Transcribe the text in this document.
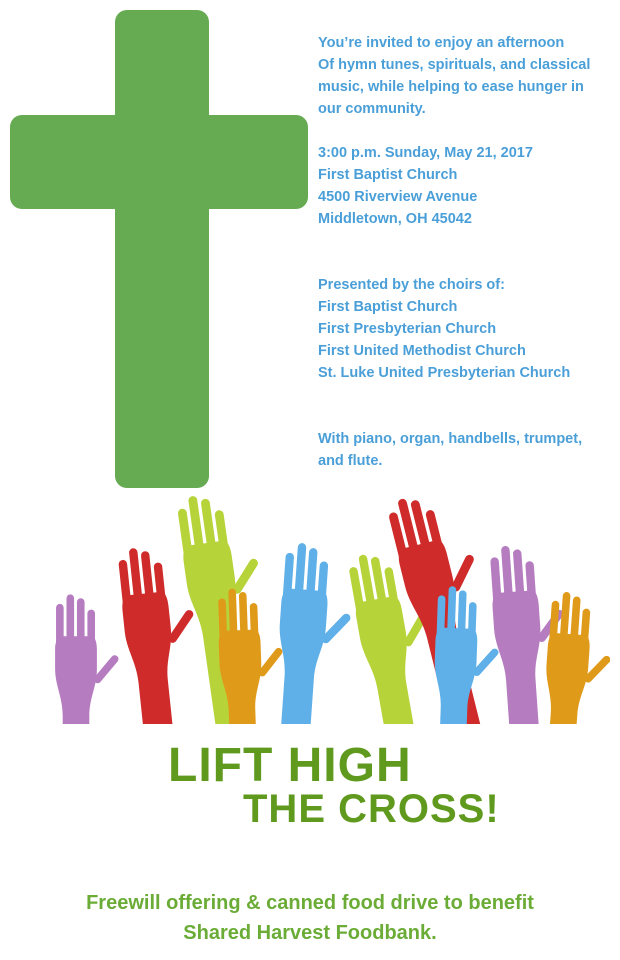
You’re invited to enjoy an afternoon
Of hymn tunes, spirituals, and classical
music, while helping to ease hunger in
our community.

3:00 p.m. Sunday, May 21, 2017
First Baptist Church
4500 Riverview Avenue
Middletown, OH 45042

Presented by the choirs of:
First Baptist Church
First Presbyterian Church
First United Methodist Church
St. Luke United Presbyterian Church

With piano, organ, handbells, trumpet,
and flute.

LIFT HIGH
THE CROSS!
Freewill offering & canned food drive to benefit
Shared Harvest Foodbank.
